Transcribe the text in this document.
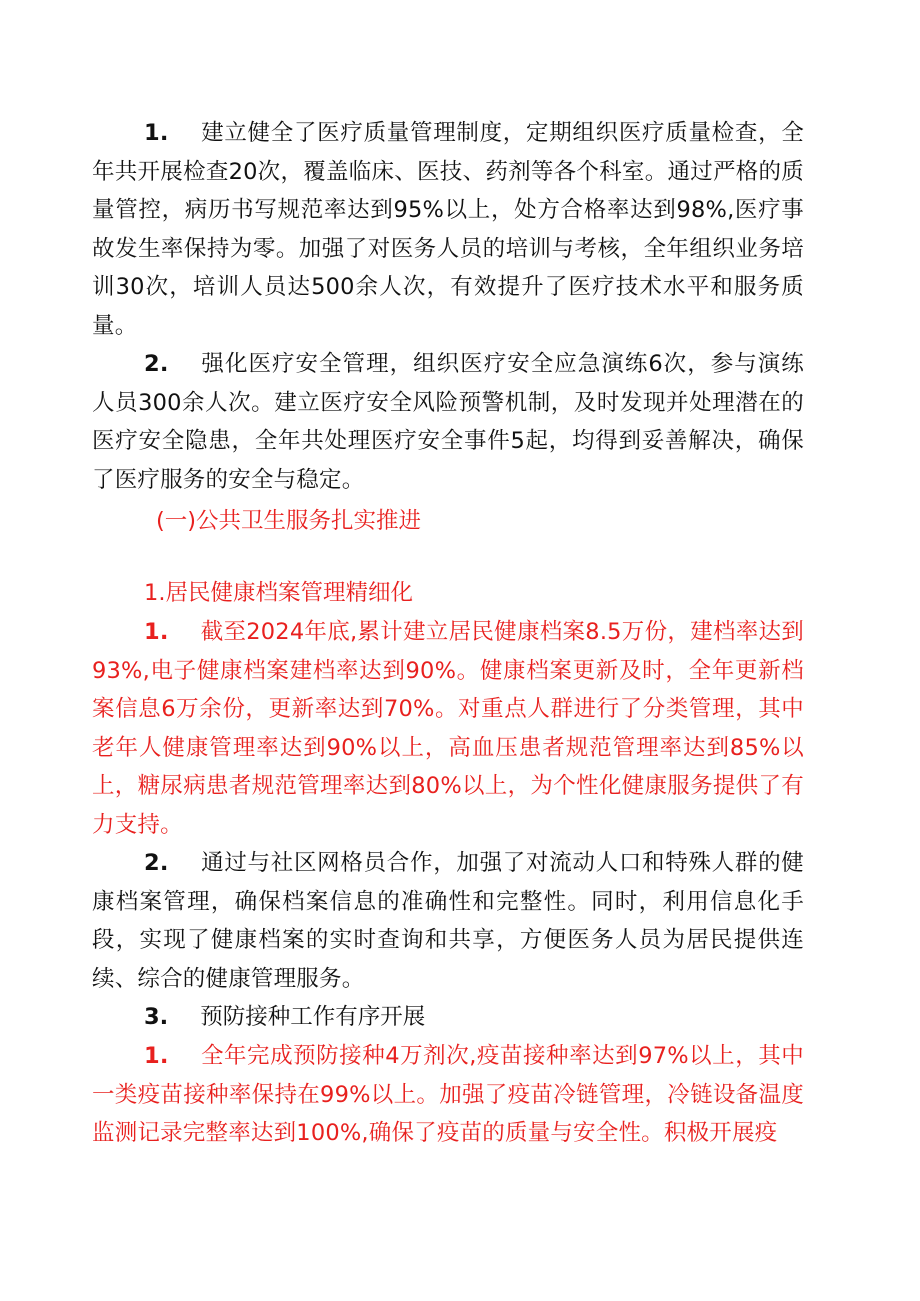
1. 建立健全了医疗质量管理制度，定期组织医疗质量检查，全年共开展检查20次，覆盖临床、医技、药剂等各个科室。通过严格的质量管控，病历书写规范率达到95%以上，处方合格率达到98%,医疗事故发生率保持为零。加强了对医务人员的培训与考核，全年组织业务培训30次，培训人员达500余人次，有效提升了医疗技术水平和服务质量。

2. 强化医疗安全管理，组织医疗安全应急演练6次，参与演练人员300余人次。建立医疗安全风险预警机制，及时发现并处理潜在的医疗安全隐患，全年共处理医疗安全事件5起，均得到妥善解决，确保了医疗服务的安全与稳定。

(一)公共卫生服务扎实推进

1.居民健康档案管理精细化

1. 截至2024年底,累计建立居民健康档案8.5万份，建档率达到93%,电子健康档案建档率达到90%。健康档案更新及时，全年更新档案信息6万余份，更新率达到70%。对重点人群进行了分类管理，其中老年人健康管理率达到90%以上，高血压患者规范管理率达到85%以上，糖尿病患者规范管理率达到80%以上，为个性化健康服务提供了有力支持。

2. 通过与社区网格员合作，加强了对流动人口和特殊人群的健康档案管理，确保档案信息的准确性和完整性。同时，利用信息化手段，实现了健康档案的实时查询和共享，方便医务人员为居民提供连续、综合的健康管理服务。

3. 预防接种工作有序开展

1. 全年完成预防接种4万剂次,疫苗接种率达到97%以上，其中一类疫苗接种率保持在99%以上。加强了疫苗冷链管理，冷链设备温度监测记录完整率达到100%,确保了疫苗的质量与安全性。积极开展疫
